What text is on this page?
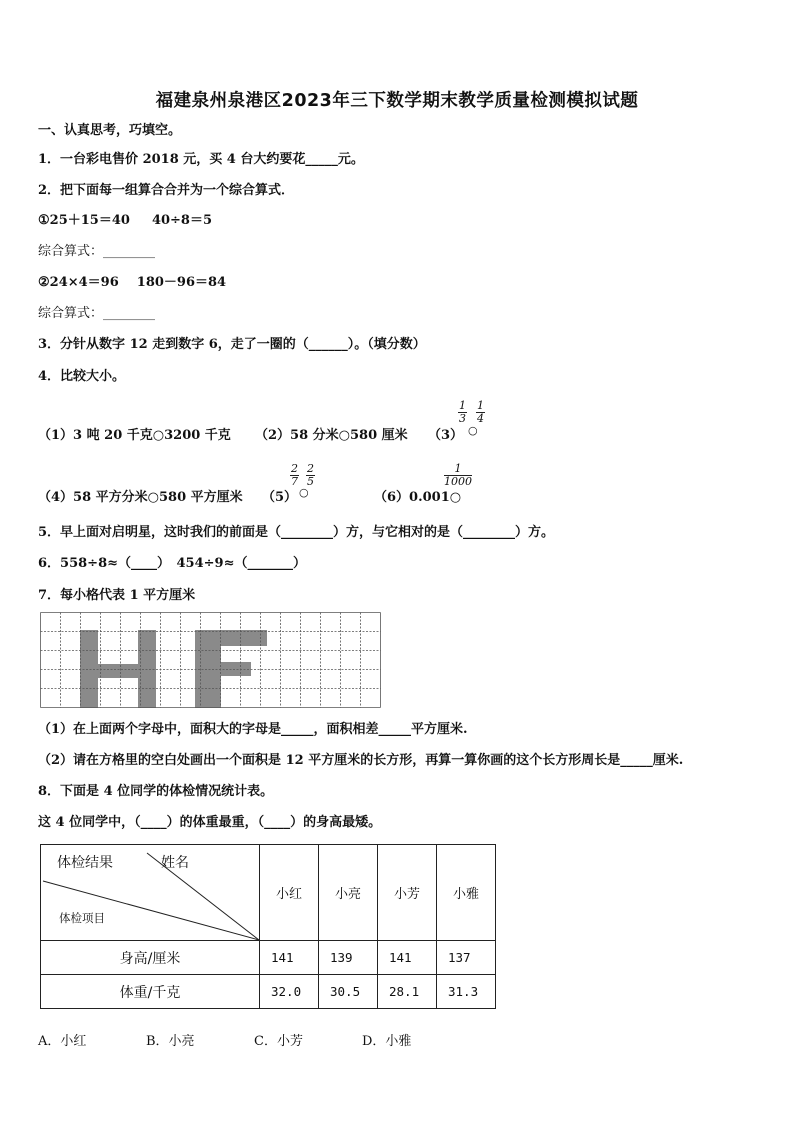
福建泉州泉港区2023年三下数学期末教学质量检测模拟试题
一、认真思考，巧填空。
1．一台彩电售价 2018 元，买 4 台大约要花_____元。
2．把下面每一组算合合并为一个综合算式．
①25＋15＝40 40÷8＝5
综合算式：________
②24×4＝96 180－96＝84
综合算式：________
3．分针从数字 12 走到数字 6，走了一圈的（______）。（填分数）
4．比较大小。
（1）3 吨 20 千克○3200 千克 （2）58 分米○580 厘米 （3）
$\frac{1}{3}$
○
$\frac{1}{4}$
（4）58 平方分米○580 平方厘米 （5）
$\frac{2}{7}$
○
$\frac{2}{5}$
（6）0.001○
$\frac{1}{1000}$
5．早上面对启明星，这时我们的前面是（________）方，与它相对的是（________）方。
6．558÷8≈（____）　454÷9≈（_______）
7．每小格代表 1 平方厘米
（1）在上面两个字母中，面积大的字母是_____，面积相差_____平方厘米.
（2）请在方格里的空白处画出一个面积是 12 平方厘米的长方形，再算一算你画的这个长方形周长是_____厘米.
8．下面是 4 位同学的体检情况统计表。
这 4 位同学中，（____）的体重最重，（____）的身高最矮。
体检结果 姓名
体检项目	小红	小亮	小芳	小雅
身高/厘米	141	139	141	137
体重/千克	32.0	30.5	28.1	31.3
A．小红	B．小亮	C．小芳	D．小雅
